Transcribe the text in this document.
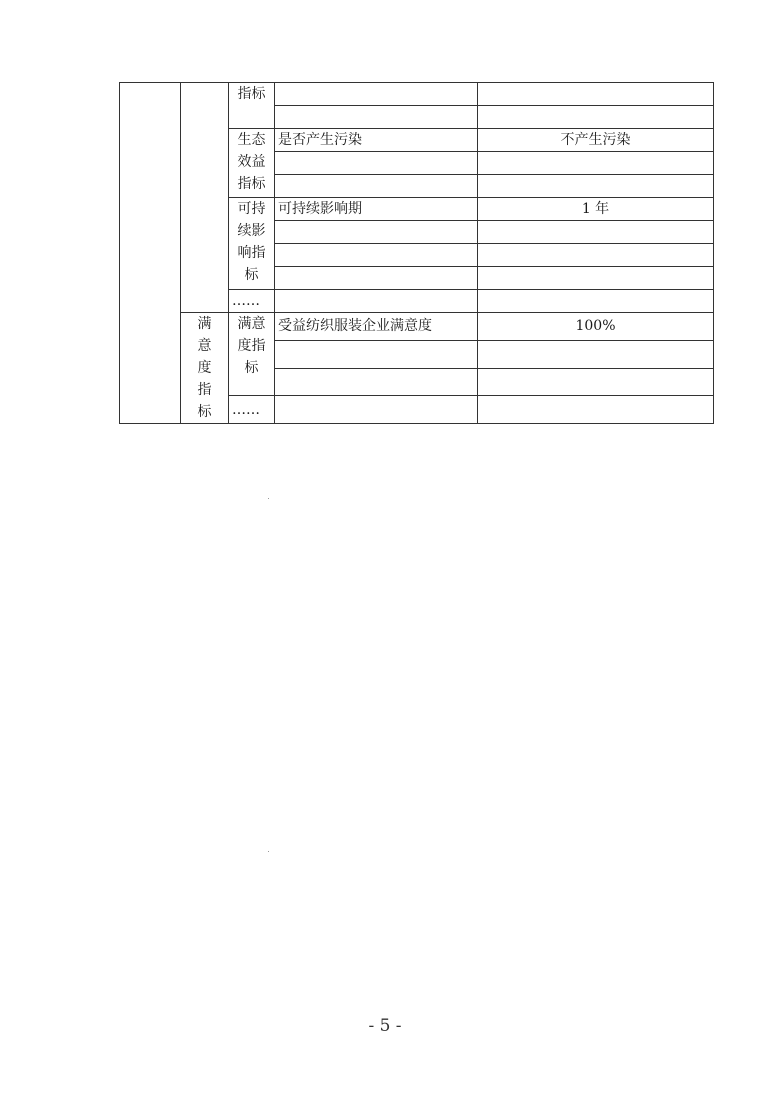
		指标		

		生态效益指标	是否产生污染	不产生污染

		可持续影响指标	可持续影响期	1 年

		……		
	满意度指标	满意度指标	受益纺织服装企业满意度	100%

		……		
- 5 -
